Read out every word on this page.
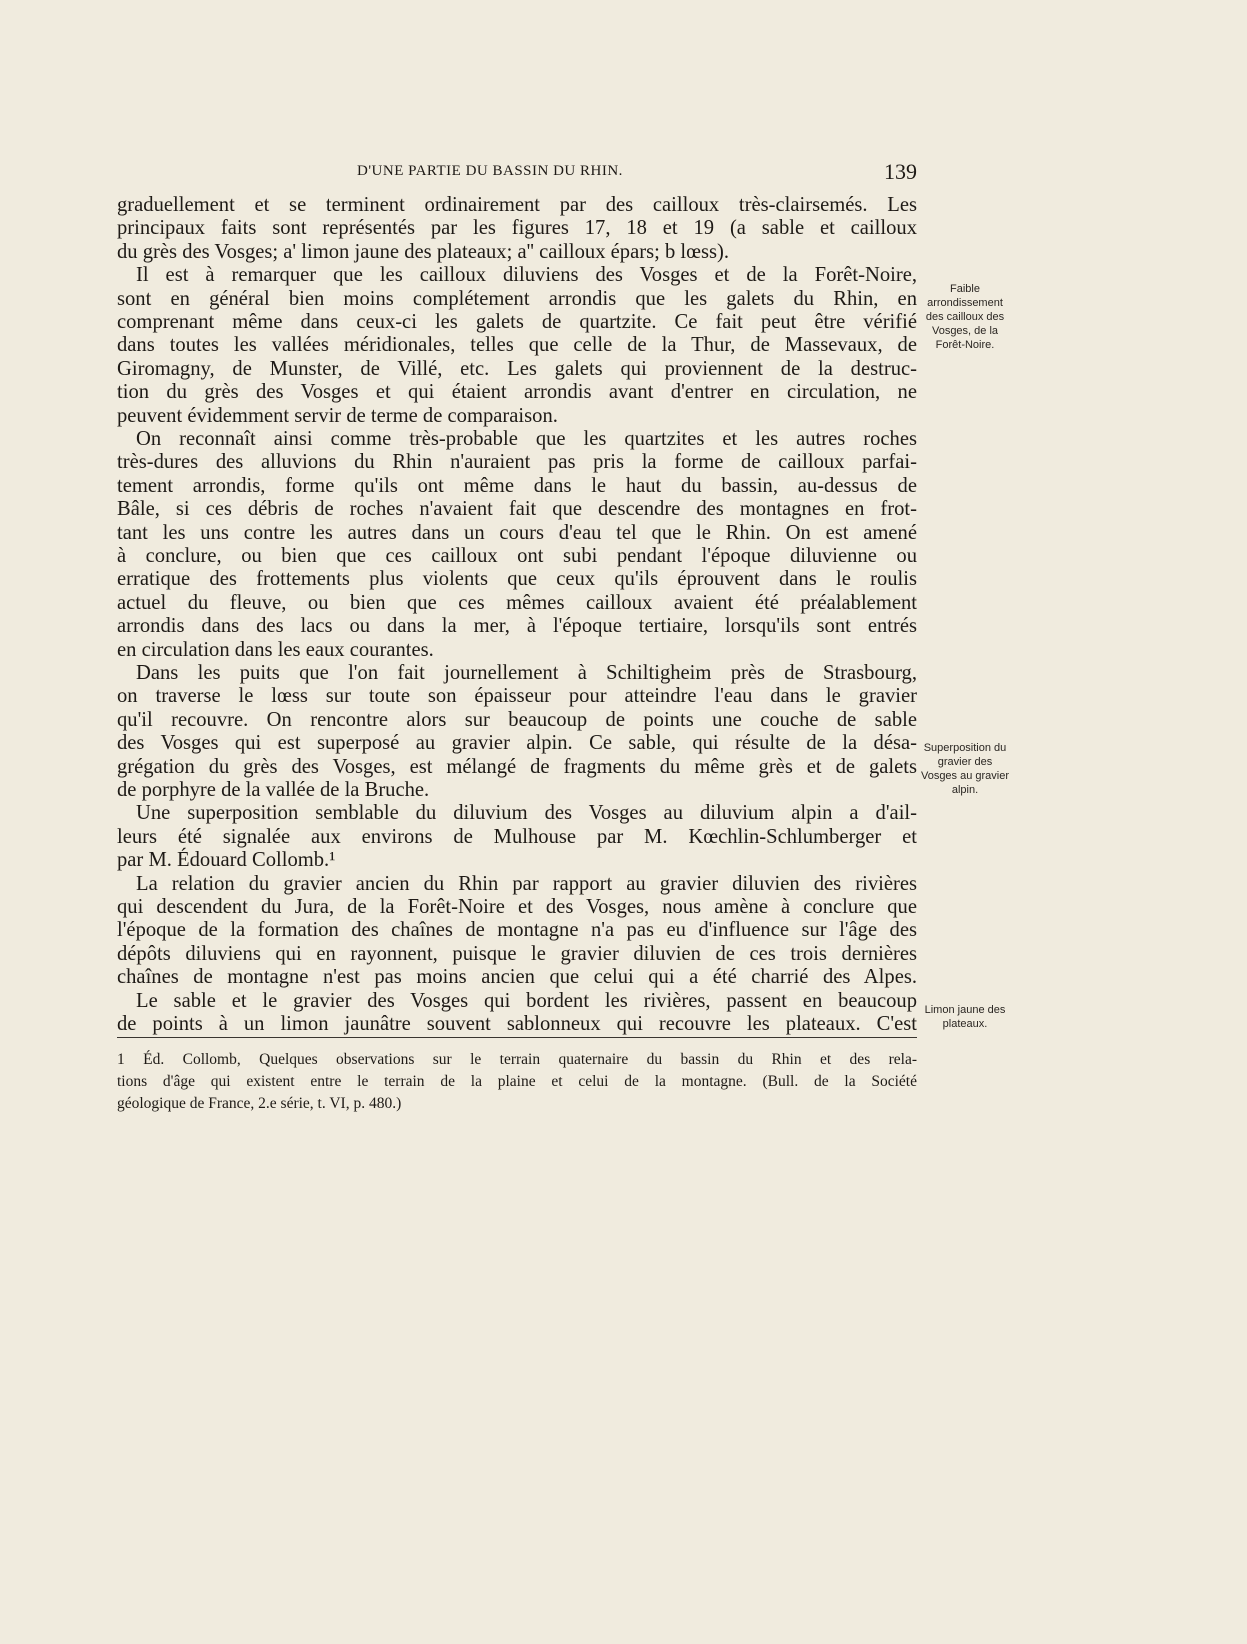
D'UNE PARTIE DU BASSIN DU RHIN.	139
Faible arrondissement des cailloux des Vosges, de la Forêt-Noire.
Superposition du gravier des Vosges au gravier alpin.
Limon jaune des plateaux.
1 Éd. Collomb, Quelques observations sur le terrain quaternaire du bassin du Rhin et des rela-
tions d'âge qui existent entre le terrain de la plaine et celui de la montagne. (Bull. de la Société
géologique de France, 2.e série, t. VI, p. 480.)
graduellement et se terminent ordinairement par des cailloux très-clairsemés. Les
principaux faits sont représentés par les figures 17, 18 et 19 (a sable et cailloux
du grès des Vosges; a' limon jaune des plateaux; a'' cailloux épars; b lœss).
Il est à remarquer que les cailloux diluviens des Vosges et de la Forêt-Noire,
sont en général bien moins complétement arrondis que les galets du Rhin, en
comprenant même dans ceux-ci les galets de quartzite. Ce fait peut être vérifié
dans toutes les vallées méridionales, telles que celle de la Thur, de Massevaux, de
Giromagny, de Munster, de Villé, etc. Les galets qui proviennent de la destruc-
tion du grès des Vosges et qui étaient arrondis avant d'entrer en circulation, ne
peuvent évidemment servir de terme de comparaison.
On reconnaît ainsi comme très-probable que les quartzites et les autres roches
très-dures des alluvions du Rhin n'auraient pas pris la forme de cailloux parfai-
tement arrondis, forme qu'ils ont même dans le haut du bassin, au-dessus de
Bâle, si ces débris de roches n'avaient fait que descendre des montagnes en frot-
tant les uns contre les autres dans un cours d'eau tel que le Rhin. On est amené
à conclure, ou bien que ces cailloux ont subi pendant l'époque diluvienne ou
erratique des frottements plus violents que ceux qu'ils éprouvent dans le roulis
actuel du fleuve, ou bien que ces mêmes cailloux avaient été préalablement
arrondis dans des lacs ou dans la mer, à l'époque tertiaire, lorsqu'ils sont entrés
en circulation dans les eaux courantes.
Dans les puits que l'on fait journellement à Schiltigheim près de Strasbourg,
on traverse le lœss sur toute son épaisseur pour atteindre l'eau dans le gravier
qu'il recouvre. On rencontre alors sur beaucoup de points une couche de sable
des Vosges qui est superposé au gravier alpin. Ce sable, qui résulte de la désa-
grégation du grès des Vosges, est mélangé de fragments du même grès et de galets
de porphyre de la vallée de la Bruche.
Une superposition semblable du diluvium des Vosges au diluvium alpin a d'ail-
leurs été signalée aux environs de Mulhouse par M. Kœchlin-Schlumberger et
par M. Édouard Collomb.¹
La relation du gravier ancien du Rhin par rapport au gravier diluvien des rivières
qui descendent du Jura, de la Forêt-Noire et des Vosges, nous amène à conclure que
l'époque de la formation des chaînes de montagne n'a pas eu d'influence sur l'âge des
dépôts diluviens qui en rayonnent, puisque le gravier diluvien de ces trois dernières
chaînes de montagne n'est pas moins ancien que celui qui a été charrié des Alpes.
Le sable et le gravier des Vosges qui bordent les rivières, passent en beaucoup
de points à un limon jaunâtre souvent sablonneux qui recouvre les plateaux. C'est
